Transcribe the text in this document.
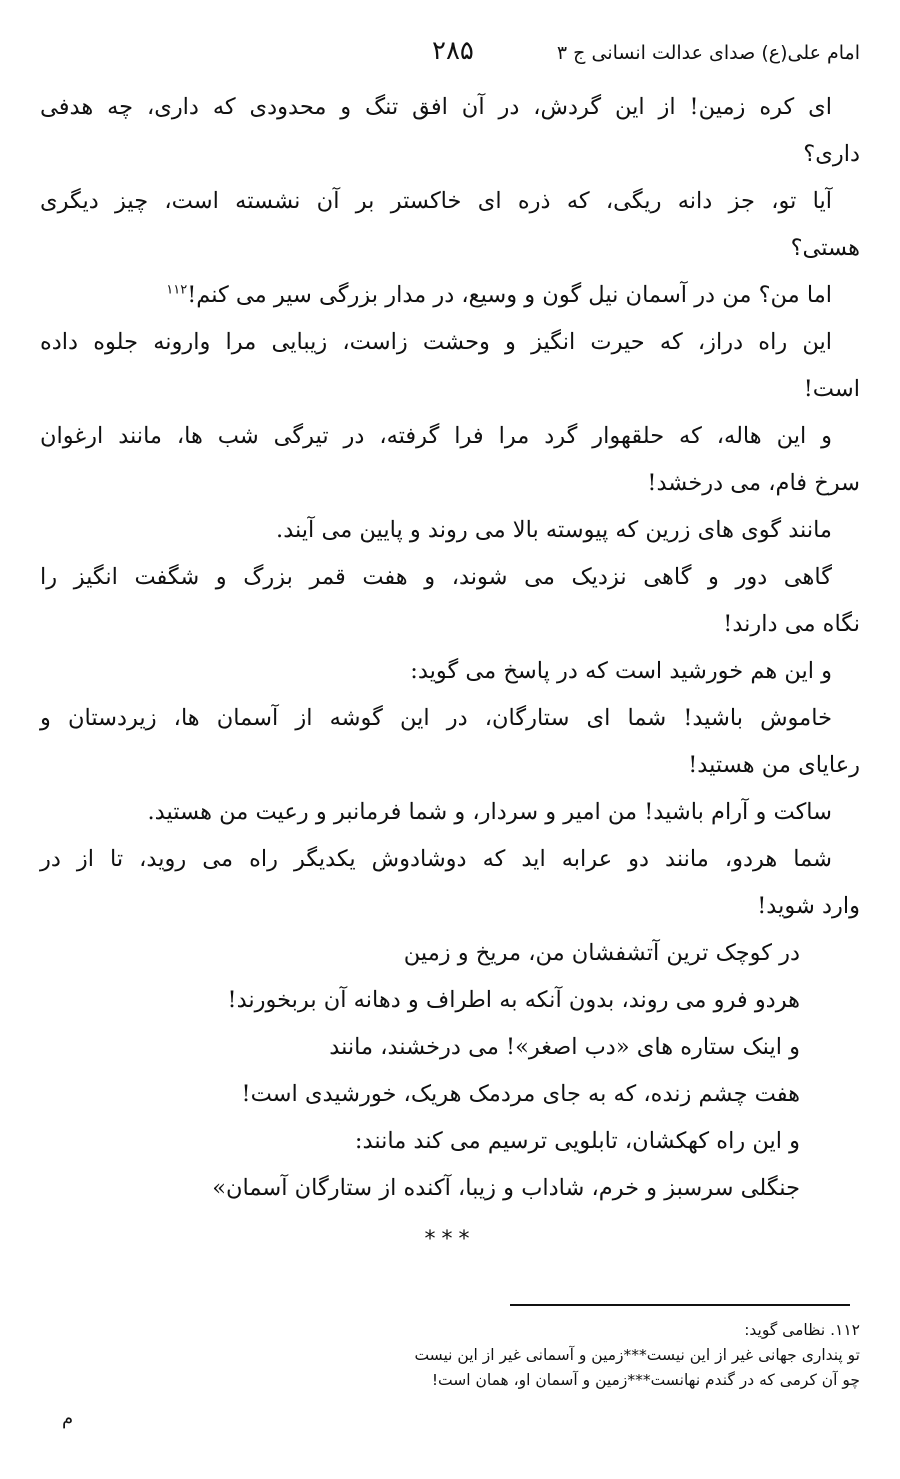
امام علی(ع) صدای عدالت انسانی ج ۳
۲۸۵
ای کره زمین! از این گردش، در آن افق تنگ و محدودی که داری، چه هدفی
داری؟
آیا تو، جز دانه ریگی، که ذره ای خاکستر بر آن نشسته است، چیز دیگری
هستی؟
اما من؟ من در آسمان نیل گون و وسیع، در مدار بزرگی سیر می کنم!$^{۱۱۲}$
این راه دراز، که حیرت انگیز و وحشت زاست، زیبایی مرا وارونه جلوه داده
است!
و این هاله، که حلقهوار گرد مرا فرا گرفته، در تیرگی شب ها، مانند ارغوان
سرخ فام، می درخشد!
مانند گوی های زرین که پیوسته بالا می روند و پایین می آیند.
گاهی دور و گاهی نزدیک می شوند، و هفت قمر بزرگ و شگفت انگیز را
نگاه می دارند!
و این هم خورشید است که در پاسخ می گوید:
خاموش باشید! شما ای ستارگان، در این گوشه از آسمان ها، زیردستان و
رعایای من هستید!
ساکت و آرام باشید! من امیر و سردار، و شما فرمانبر و رعیت من هستید.
شما هردو، مانند دو عرابه اید که دوشادوش یکدیگر راه می روید، تا از در
وارد شوید!
در کوچک ترین آتشفشان من، مریخ و زمین
هردو فرو می روند، بدون آنکه به اطراف و دهانه آن بربخورند!
و اینک ستاره های «دب اصغر»! می درخشند، مانند
هفت چشم زنده، که به جای مردمک هریک، خورشیدی است!
و این راه کهکشان، تابلویی ترسیم می کند مانند:
جنگلی سرسبز و خرم، شاداب و زیبا، آکنده از ستارگان آسمان»
***
۱۱۲. نظامی گوید:
تو پنداری جهانی غیر از این نیست***زمین و آسمانی غیر از این نیست
چو آن کرمی که در گندم نهانست***زمین و آسمان او، همان است!
م
